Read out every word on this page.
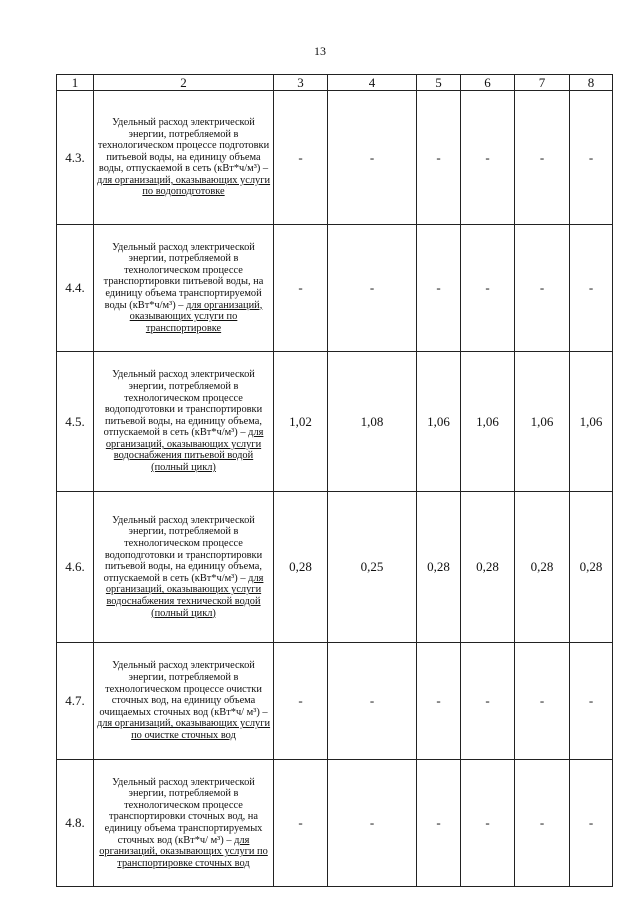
13
1	2	3	4	5	6	7	8
4.3.	Удельный расход электрической энергии, потребляемой в технологическом процессе подготовки питьевой воды, на единицу объема воды, отпускаемой в сеть (кВт*ч/м³) – для организаций, оказывающих услуги по водоподготовке	-	-	-	-	-	-
4.4.	Удельный расход электрической энергии, потребляемой в технологическом процессе транспортировки питьевой воды, на единицу объема транспортируемой воды (кВт*ч/м³) – для организаций, оказывающих услуги по транспортировке	-	-	-	-	-	-
4.5.	Удельный расход электрической энергии, потребляемой в технологическом процессе водоподготовки и транспортировки питьевой воды, на единицу объема, отпускаемой в сеть (кВт*ч/м³) – для организаций, оказывающих услуги водоснабжения питьевой водой (полный цикл)	1,02	1,08	1,06	1,06	1,06	1,06
4.6.	Удельный расход электрической энергии, потребляемой в технологическом процессе водоподготовки и транспортировки питьевой воды, на единицу объема, отпускаемой в сеть (кВт*ч/м³) – для организаций, оказывающих услуги водоснабжения технической водой (полный цикл)	0,28	0,25	0,28	0,28	0,28	0,28
4.7.	Удельный расход электрической энергии, потребляемой в технологическом процессе очистки сточных вод, на единицу объема очищаемых сточных вод (кВт*ч/ м³) – для организаций, оказывающих услуги по очистке сточных вод	-	-	-	-	-	-
4.8.	Удельный расход электрической энергии, потребляемой в технологическом процессе транспортировки сточных вод, на единицу объема транспортируемых сточных вод (кВт*ч/ м³) – для организаций, оказывающих услуги по транспортировке сточных вод	-	-	-	-	-	-
